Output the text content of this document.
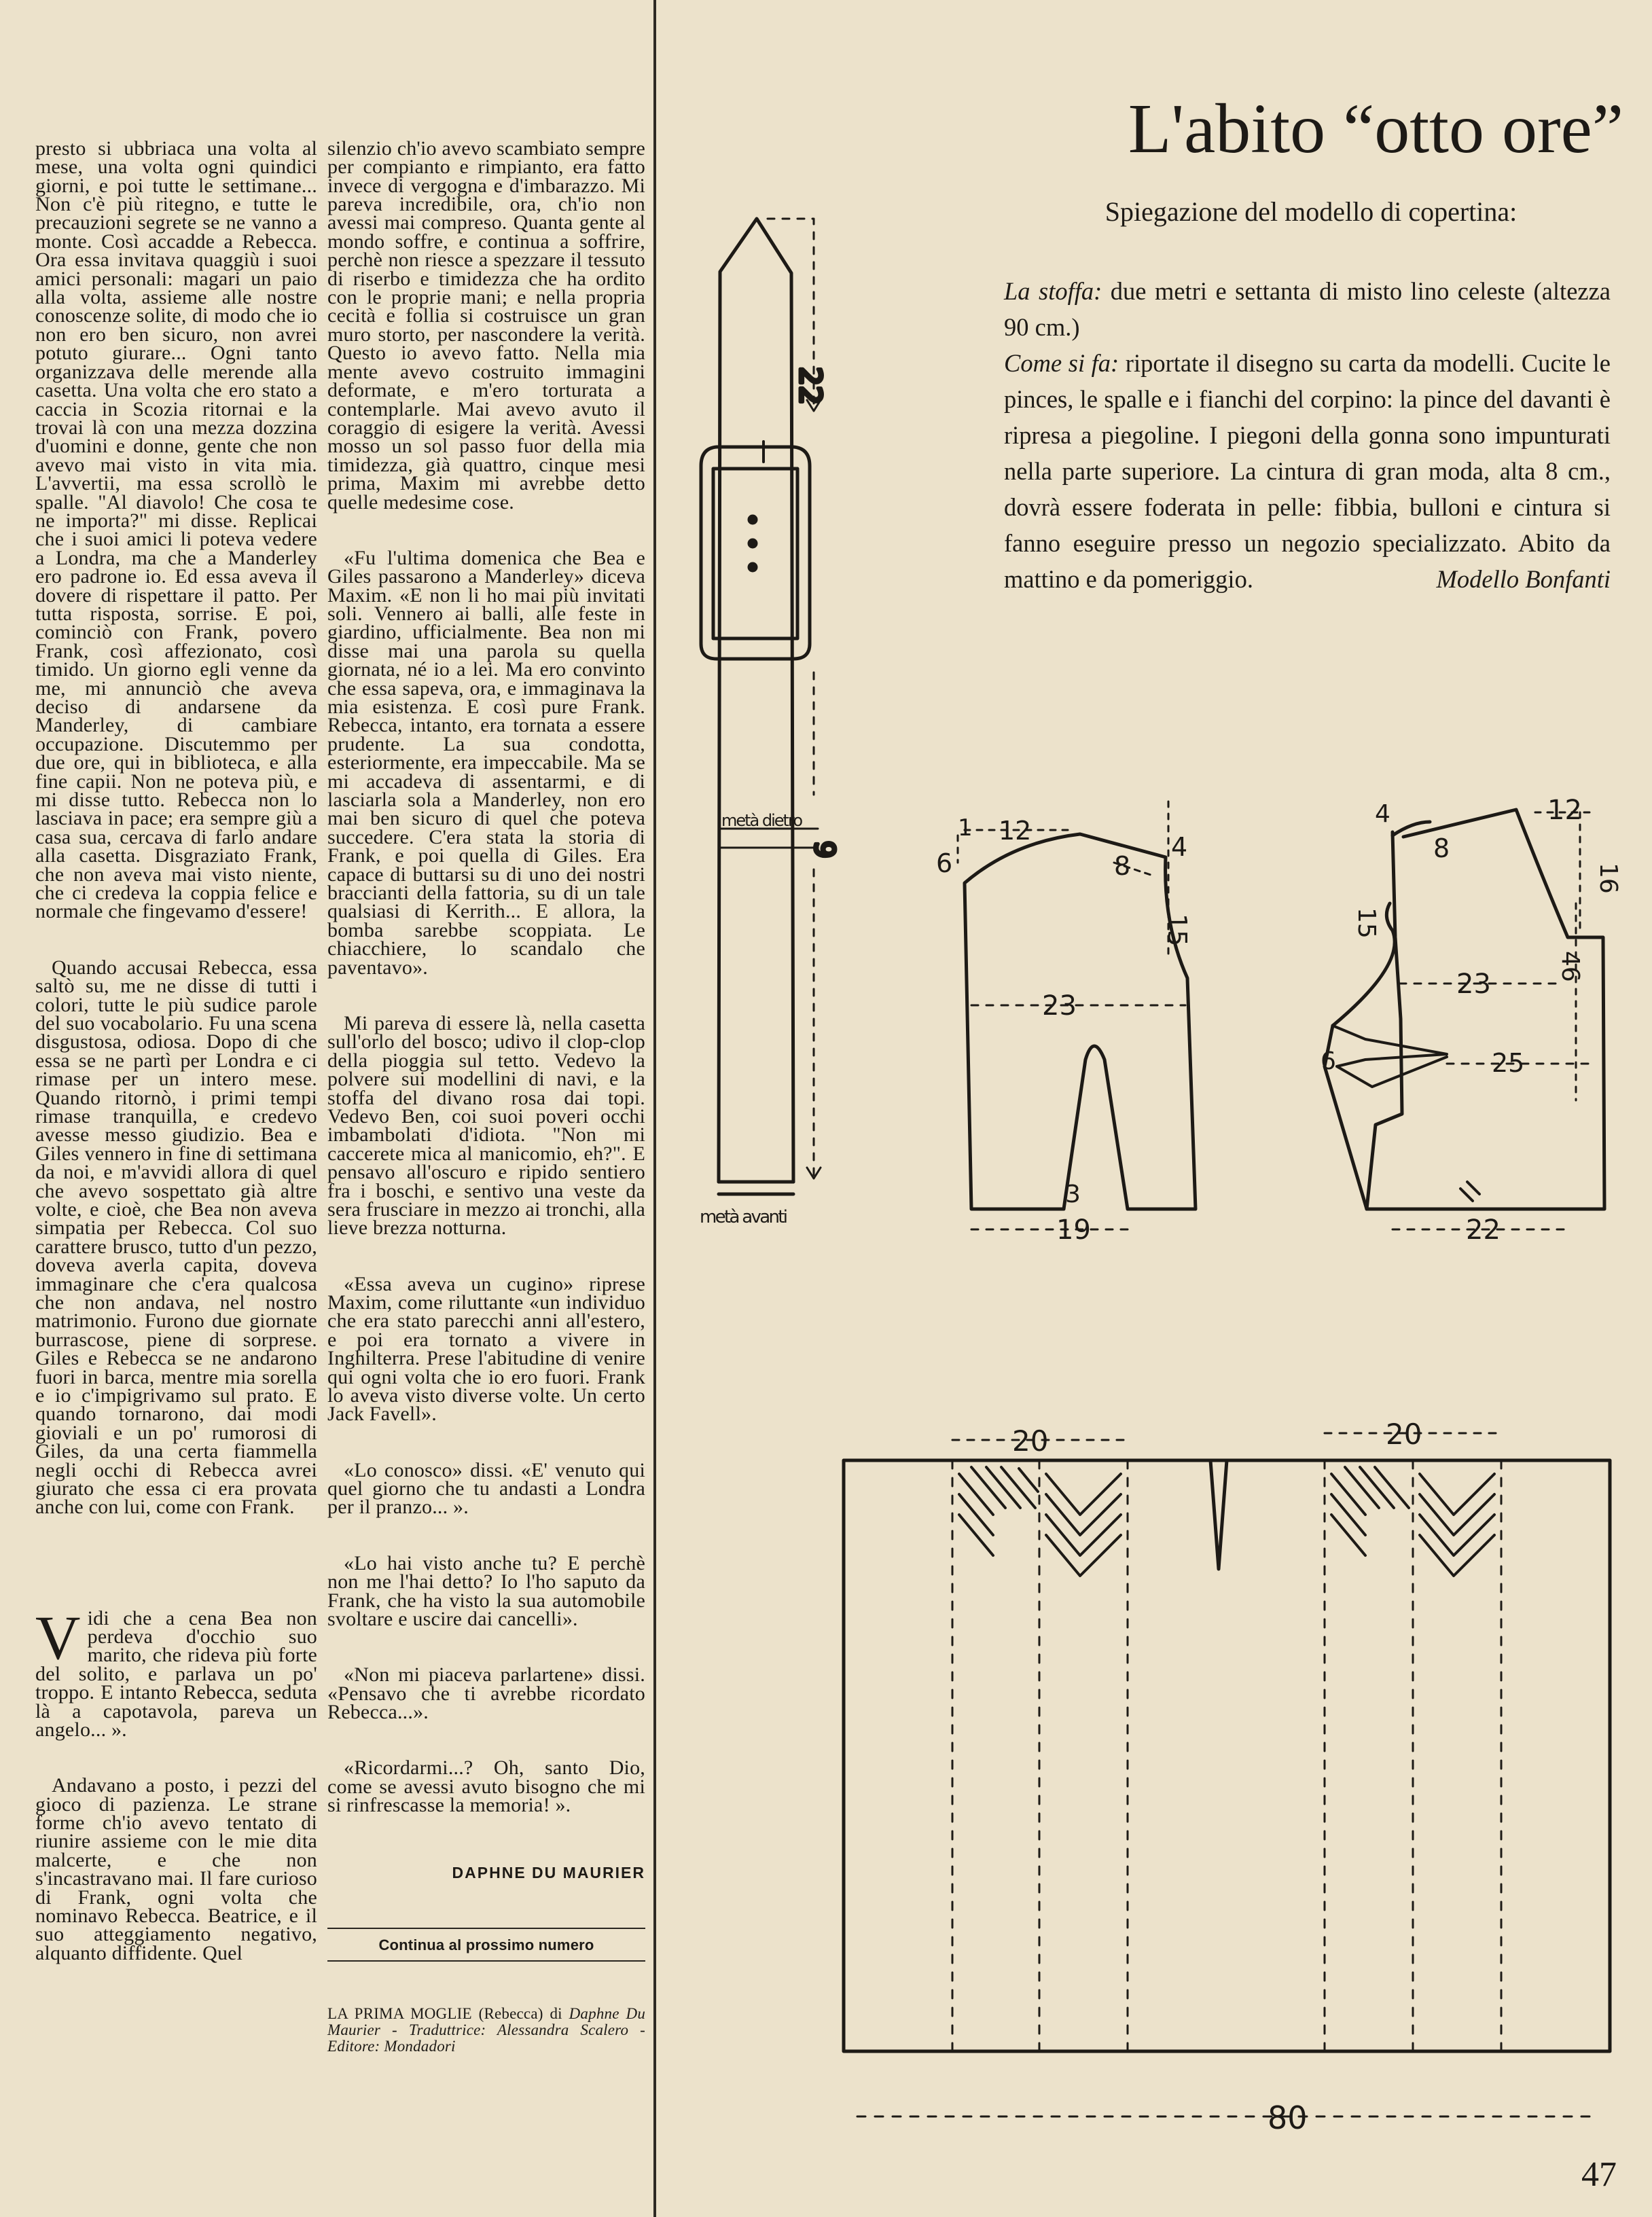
presto si ubbriaca una volta al mese, una volta ogni quindici giorni, e poi tutte le settimane... Non c'è più ritegno, e tutte le precauzioni segrete se ne vanno a monte. Così accadde a Rebecca. Ora essa invitava quaggiù i suoi amici personali: magari un paio alla volta, assieme alle nostre conoscenze solite, di modo che io non ero ben sicuro, non avrei potuto giurare... Ogni tanto organizzava delle merende alla casetta. Una volta che ero stato a caccia in Scozia ritornai e la trovai là con una mezza dozzina d'uomini e donne, gente che non avevo mai visto in vita mia. L'avvertii, ma essa scrollò le spalle. "Al diavolo! Che cosa te ne importa?" mi disse. Replicai che i suoi amici li poteva vedere a Londra, ma che a Manderley ero padrone io. Ed essa aveva il dovere di rispettare il patto. Per tutta risposta, sorrise. E poi, cominciò con Frank, povero Frank, così affezionato, così timido. Un giorno egli venne da me, mi annunciò che aveva deciso di andarsene da Manderley, di cambiare occupazione. Discutemmo per due ore, qui in biblioteca, e alla fine capii. Non ne poteva più, e mi disse tutto. Rebecca non lo lasciava in pace; era sempre giù a casa sua, cercava di farlo andare alla casetta. Disgraziato Frank, che non aveva mai visto niente, che ci credeva la coppia felice e normale che fingevamo d'essere!

Quando accusai Rebecca, essa saltò su, me ne disse di tutti i colori, tutte le più sudice parole del suo vocabolario. Fu una scena disgustosa, odiosa. Dopo di che essa se ne partì per Londra e ci rimase per un intero mese. Quando ritornò, i primi tempi rimase tranquilla, e credevo avesse messo giudizio. Bea e Giles vennero in fine di settimana da noi, e m'avvidi allora di quel che avevo sospettato già altre volte, e cioè, che Bea non aveva simpatia per Rebecca. Col suo carattere brusco, tutto d'un pezzo, doveva averla capita, doveva immaginare che c'era qualcosa che non andava, nel nostro matrimonio. Furono due giornate burrascose, piene di sorprese. Giles e Rebecca se ne andarono fuori in barca, mentre mia sorella e io c'impigrivamo sul prato. E quando tornarono, dai modi gioviali e un po' rumorosi di Giles, da una certa fiammella negli occhi di Rebecca avrei giurato che essa ci era provata anche con lui, come con Frank.

Vidi che a cena Bea non perdeva d'occhio suo marito, che rideva più forte del solito, e parlava un po' troppo. E intanto Rebecca, seduta là a capotavola, pareva un angelo... ».

Andavano a posto, i pezzi del gioco di pazienza. Le strane forme ch'io avevo tentato di riunire assieme con le mie dita malcerte, e che non s'incastravano mai. Il fare curioso di Frank, ogni volta che nominavo Rebecca. Beatrice, e il suo atteggiamento negativo, alquanto diffidente. Quel

silenzio ch'io avevo scambiato sempre per compianto e rimpianto, era fatto invece di vergogna e d'imbarazzo. Mi pareva incredibile, ora, ch'io non avessi mai compreso. Quanta gente al mondo soffre, e continua a soffrire, perchè non riesce a spezzare il tessuto di riserbo e timidezza che ha ordito con le proprie mani; e nella propria cecità e follia si costruisce un gran muro storto, per nascondere la verità. Questo io avevo fatto. Nella mia mente avevo costruito immagini deformate, e m'ero torturata a contemplarle. Mai avevo avuto il coraggio di esigere la verità. Avessi mosso un sol passo fuor della mia timidezza, già quattro, cinque mesi prima, Maxim mi avrebbe detto quelle medesime cose.

«Fu l'ultima domenica che Bea e Giles passarono a Manderley» diceva Maxim. «E non li ho mai più invitati soli. Vennero ai balli, alle feste in giardino, ufficialmente. Bea non mi disse mai una parola su quella giornata, né io a lei. Ma ero convinto che essa sapeva, ora, e immaginava la mia esistenza. E così pure Frank. Rebecca, intanto, era tornata a essere prudente. La sua condotta, esteriormente, era impeccabile. Ma se mi accadeva di assentarmi, e di lasciarla sola a Manderley, non ero mai ben sicuro di quel che poteva succedere. C'era stata la storia di Frank, e poi quella di Giles. Era capace di buttarsi su di uno dei nostri braccianti della fattoria, su di un tale qualsiasi di Kerrith... E allora, la bomba sarebbe scoppiata. Le chiacchiere, lo scandalo che paventavo».

Mi pareva di essere là, nella casetta sull'orlo del bosco; udivo il clop-clop della pioggia sul tetto. Vedevo la polvere sui modellini di navi, e la stoffa del divano rosa dai topi. Vedevo Ben, coi suoi poveri occhi imbambolati d'idiota. "Non mi caccerete mica al manicomio, eh?". E pensavo all'oscuro e ripido sentiero fra i boschi, e sentivo una veste da sera frusciare in mezzo ai tronchi, alla lieve brezza notturna.

«Essa aveva un cugino» riprese Maxim, come riluttante «un individuo che era stato parecchi anni all'estero, e poi era tornato a vivere in Inghilterra. Prese l'abitudine di venire qui ogni volta che io ero fuori. Frank lo aveva visto diverse volte. Un certo Jack Favell».

«Lo conosco» dissi. «E' venuto qui quel giorno che tu andasti a Londra per il pranzo... ».

«Lo hai visto anche tu? E perchè non me l'hai detto? Io l'ho saputo da Frank, che ha visto la sua automobile svoltare e uscire dai cancelli».

«Non mi piaceva parlartene» dissi. «Pensavo che ti avrebbe ricordato Rebecca...».

«Ricordarmi...? Oh, santo Dio, come se avessi avuto bisogno che mi si rinfrescasse la memoria! ».

DAPHNE DU MAURIER

Continua al prossimo numero

LA PRIMA MOGLIE (Rebecca) di Daphne Du Maurier - Traduttrice: Alessandra Scalero - Editore: Mondadori

L'abito “otto ore”
Spiegazione del modello di copertina:

La stoffa: due metri e settanta di misto lino celeste (altezza 90 cm.)

Come si fa: riportate il disegno su carta da modelli. Cucite le pinces, le spalle e i fianchi del corpino: la pince del davanti è ripresa a piegoline. I piegoni della gonna sono impunturati nella parte superiore. La cintura di gran moda, alta 8 cm., dovrà essere foderata in pelle: fibbia, bulloni e cintura si fanno eseguire presso un negozio specializzato. Abito da mattino e da pomeriggio.	Modello Bonfanti

22
9
metà dietro
metà avanti
1 12
6	8
4
15
23
3
19
4	12
8
16
15
23
46
6	25
22
20	20
80
47
